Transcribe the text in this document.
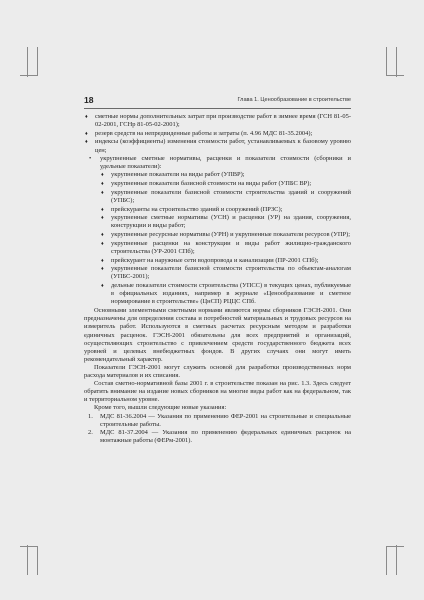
18	Глава 1. Ценообразование в строительстве
♦ сметные нормы дополнительных затрат при производстве работ в зимнее время (ГСН 81-05-02-2001, ГСНр 81-05-02-2001);
♦ резерв средств на непредвиденные работы и затраты (п. 4.96 МДС 81-35.2004);
♦ индексы (коэффициенты) изменения стоимости работ, устанавливаемых к базовому уровню цен;
• укрупненные сметные нормативы, расценки и показатели стоимости (сборники и удельные показатели):
♦ укрупненные показатели на виды работ (УПВР);
♦ укрупненные показатели базисной стоимости на виды работ (УПБС ВР);
♦ укрупненные показатели базисной стоимости строительства зданий и сооружений (УПБС);
♦ прейскуранты на строительство зданий и сооружений (ПРЗС);
♦ укрупненные сметные нормативы (УСН) и расценки (УР) на здания, сооружения, конструкции и виды работ;
♦ укрупненные ресурсные нормативы (УРН) и укрупненные показатели ресурсов (УПР);
♦ укрупненные расценки на конструкции и виды работ жилищно-гражданского строительства (УР-2001 СПб);
♦ прейскурант на наружные сети водопровода и канализации (ПР-2001 СПб);
♦ укрупненные показатели базисной стоимости строительства по объектам-аналогам (УПБС-2001);
♦ дельные показатели стоимости строительства (УПСС) в текущих ценах, публикуемые в официальных изданиях, например в журнале «Ценообразование и сметное нормирование в строительстве» (ЦнСП) РЦЦС СПб.

Основными элементными сметными нормами являются нормы сборников ГЭСН-2001. Они предназначены для определения состава и потребностей материальных и трудовых ресурсов на измеритель работ. Используются в сметных расчетах ресурсным методом и разработки единичных расценок. ГЭСН-2001 обязательны для всех предприятий и организаций, осуществляющих строительство с привлечением средств государственного бюджета всех уровней и целевых внебюджетных фондов. В других случаях они могут иметь рекомендательный характер.

Показатели ГЭСН-2001 могут служить основой для разработки производственных норм расхода материалов и их списания.

Состав сметно-нормативной базы 2001 г. в строительстве показан на рис. 1.3. Здесь следует обратить внимание на издание новых сборников на многие виды работ как на федеральном, так и территориальном уровне.

Кроме того, вышли следующие новые указания:

1. МДС 81-36.2004 — Указания по применению ФЕР-2001 на строительные и специальные строительные работы.
2. МДС 81-37.2004 — Указания по применению федеральных единичных расценок на монтажные работы (ФЕРм-2001).
